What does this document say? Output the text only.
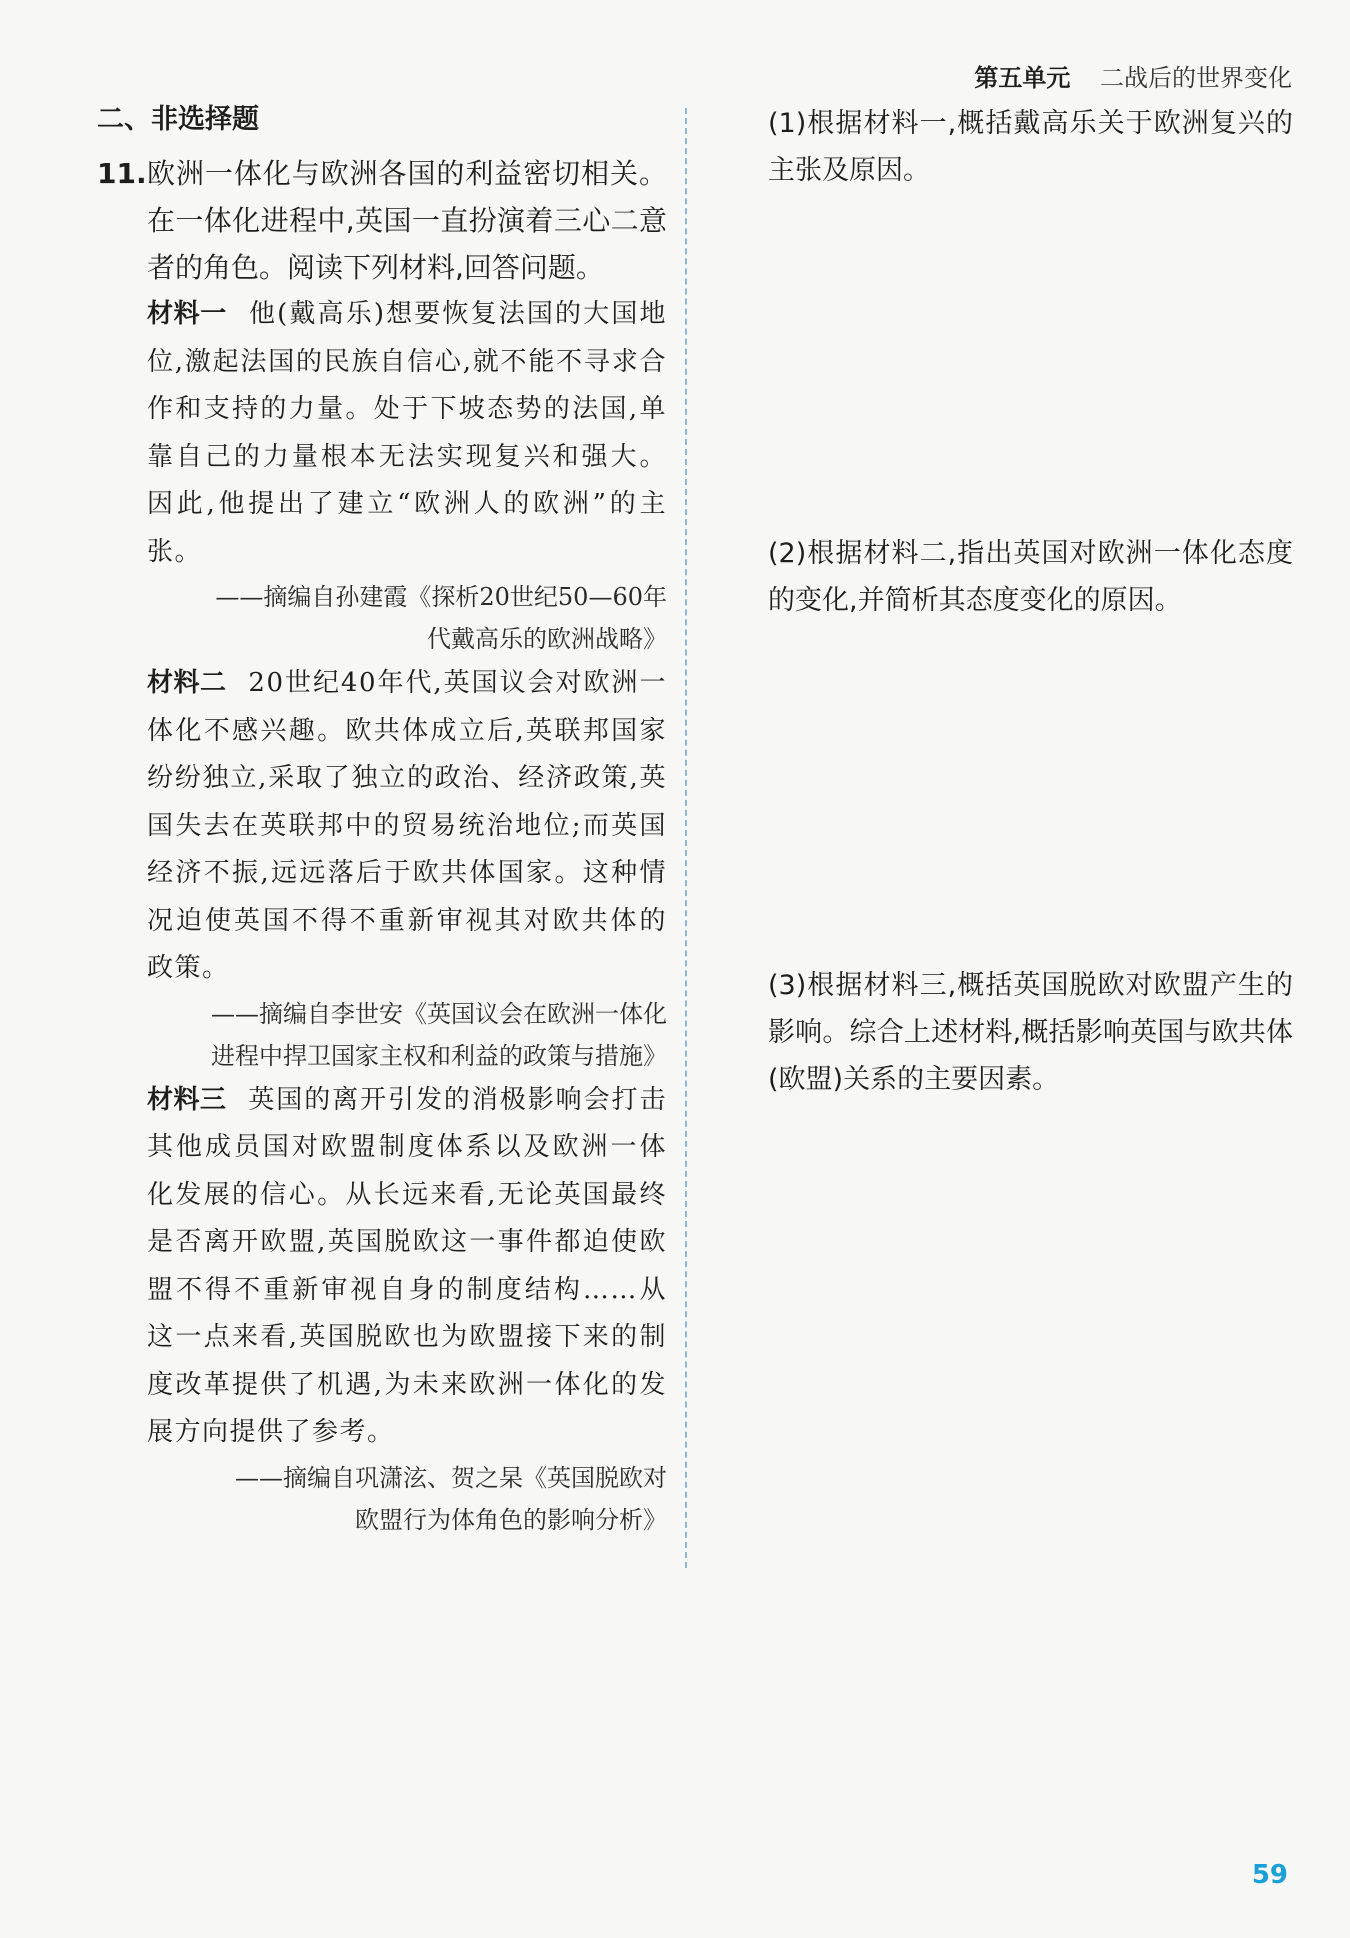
第五单元 二战后的世界变化
二、非选择题
11. 欧洲一体化与欧洲各国的利益密切相关。在一体化进程中,英国一直扮演着三心二意者的角色。阅读下列材料,回答问题。
材料一 他(戴高乐)想要恢复法国的大国地位,激起法国的民族自信心,就不能不寻求合作和支持的力量。处于下坡态势的法国,单靠自己的力量根本无法实现复兴和强大。因此,他提出了建立“欧洲人的欧洲”的主张。
——摘编自孙建霞《探析20世纪50—60年
代戴高乐的欧洲战略》
材料二 20世纪40年代,英国议会对欧洲一体化不感兴趣。欧共体成立后,英联邦国家纷纷独立,采取了独立的政治、经济政策,英国失去在英联邦中的贸易统治地位;而英国经济不振,远远落后于欧共体国家。这种情况迫使英国不得不重新审视其对欧共体的政策。
——摘编自李世安《英国议会在欧洲一体化
进程中捍卫国家主权和利益的政策与措施》
材料三 英国的离开引发的消极影响会打击其他成员国对欧盟制度体系以及欧洲一体化发展的信心。从长远来看,无论英国最终是否离开欧盟,英国脱欧这一事件都迫使欧盟不得不重新审视自身的制度结构……从这一点来看,英国脱欧也为欧盟接下来的制度改革提供了机遇,为未来欧洲一体化的发展方向提供了参考。
——摘编自巩潇泫、贺之杲《英国脱欧对
欧盟行为体角色的影响分析》
(1)根据材料一,概括戴高乐关于欧洲复兴的主张及原因。
(2)根据材料二,指出英国对欧洲一体化态度的变化,并简析其态度变化的原因。
(3)根据材料三,概括英国脱欧对欧盟产生的影响。综合上述材料,概括影响英国与欧共体(欧盟)关系的主要因素。
59
